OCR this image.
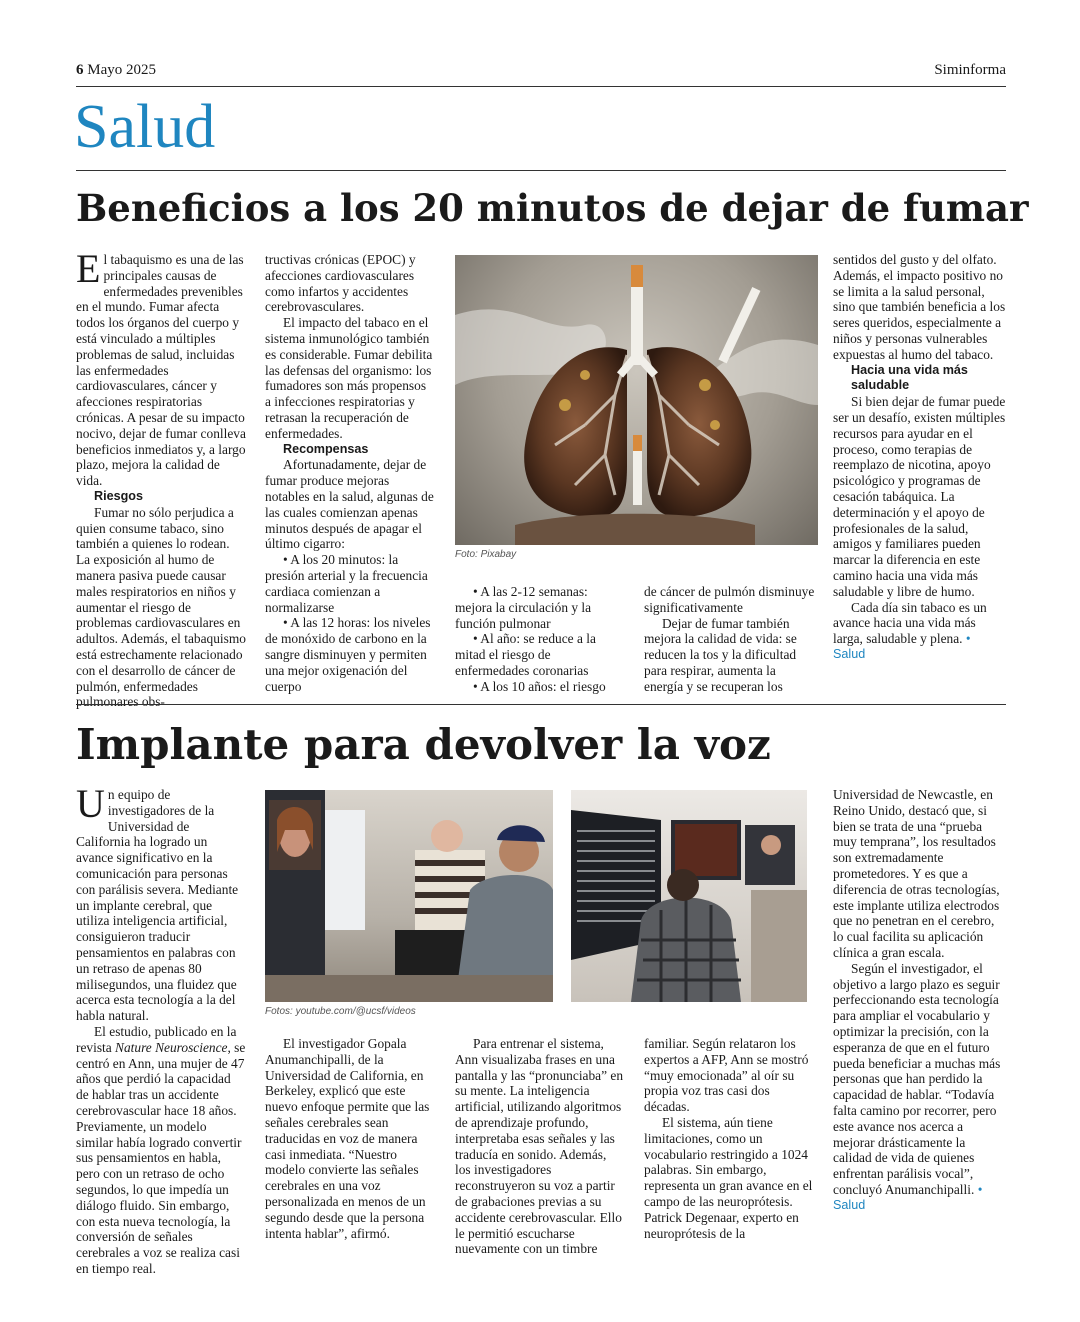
6 Mayo 2025	Siminforma
Salud
Beneficios a los 20 minutos de dejar de fumar

El tabaquismo es una de las principales causas de enfermedades prevenibles en el mundo. Fumar afecta todos los órganos del cuerpo y está vinculado a múltiples problemas de salud, incluidas las enfermedades cardiovasculares, cáncer y afecciones respiratorias crónicas. A pesar de su impacto nocivo, dejar de fumar conlleva beneficios inmediatos y, a largo plazo, mejora la calidad de vida.

Riesgos

Fumar no sólo perjudica a quien consume tabaco, sino también a quienes lo rodean. La exposición al humo de manera pasiva puede causar males respiratorios en niños y aumentar el riesgo de problemas cardiovasculares en adultos. Además, el tabaquismo está estrechamente relacionado con el desarrollo de cáncer de pulmón, enfermedades pulmonares obs-

tructivas crónicas (EPOC) y afecciones cardiovasculares como infartos y accidentes cerebrovasculares.

El impacto del tabaco en el sistema inmunológico también es considerable. Fumar debilita las defensas del organismo: los fumadores son más propensos a infecciones respiratorias y retrasan la recuperación de enfermedades.

Recompensas

Afortunadamente, dejar de fumar produce mejoras notables en la salud, algunas de las cuales comienzan apenas minutos después de apagar el último cigarro:

• A los 20 minutos: la presión arterial y la frecuencia cardiaca comienzan a normalizarse

• A las 12 horas: los niveles de monóxido de carbono en la sangre disminuyen y permiten una mejor oxigenación del cuerpo

Foto: Pixabay

• A las 2-12 semanas: mejora la circulación y la función pulmonar

• Al año: se reduce a la mitad el riesgo de enfermedades coronarias

• A los 10 años: el riesgo

de cáncer de pulmón disminuye significativamente

Dejar de fumar también mejora la calidad de vida: se reducen la tos y la dificultad para respirar, aumenta la energía y se recuperan los

sentidos del gusto y del olfato. Además, el impacto positivo no se limita a la salud personal, sino que también beneficia a los seres queridos, especialmente a niños y personas vulnerables expuestas al humo del tabaco.

Hacia una vida más saludable

Si bien dejar de fumar puede ser un desafío, existen múltiples recursos para ayudar en el proceso, como terapias de reemplazo de nicotina, apoyo psicológico y programas de cesación tabáquica. La determinación y el apoyo de profesionales de la salud, amigos y familiares pueden marcar la diferencia en este camino hacia una vida más saludable y libre de humo.

Cada día sin tabaco es un avance hacia una vida más larga, saludable y plena. •

Salud

Implante para devolver la voz

Un equipo de investigadores de la Universidad de California ha logrado un avance significativo en la comunicación para personas con parálisis severa. Mediante un implante cerebral, que utiliza inteligencia artificial, consiguieron traducir pensamientos en palabras con un retraso de apenas 80 milisegundos, una fluidez que acerca esta tecnología a la del habla natural.

El estudio, publicado en la revista Nature Neuroscience, se centró en Ann, una mujer de 47 años que perdió la capacidad de hablar tras un accidente cerebrovascular hace 18 años. Previamente, un modelo similar había logrado convertir sus pensamientos en habla, pero con un retraso de ocho segundos, lo que impedía un diálogo fluido. Sin embargo, con esta nueva tecnología, la conversión de señales cerebrales a voz se realiza casi en tiempo real.

Fotos: youtube.com/@ucsf/videos

El investigador Gopala Anumanchipalli, de la Universidad de California, en Berkeley, explicó que este nuevo enfoque permite que las señales cerebrales sean traducidas en voz de manera casi inmediata. “Nuestro modelo convierte las señales cerebrales en una voz personalizada en menos de un segundo desde que la persona intenta hablar”, afirmó.

Para entrenar el sistema, Ann visualizaba frases en una pantalla y las “pronunciaba” en su mente. La inteligencia artificial, utilizando algoritmos de aprendizaje profundo, interpretaba esas señales y las traducía en sonido. Además, los investigadores reconstruyeron su voz a partir de grabaciones previas a su accidente cerebrovascular. Ello le permitió escucharse nuevamente con un timbre

familiar. Según relataron los expertos a AFP, Ann se mostró “muy emocionada” al oír su propia voz tras casi dos décadas.

El sistema, aún tiene limitaciones, como un vocabulario restringido a 1024 palabras. Sin embargo, representa un gran avance en el campo de las neuroprótesis. Patrick Degenaar, experto en neuroprótesis de la

Universidad de Newcastle, en Reino Unido, destacó que, si bien se trata de una “prueba muy temprana”, los resultados son extremadamente prometedores. Y es que a diferencia de otras tecnologías, este implante utiliza electrodos que no penetran en el cerebro, lo cual facilita su aplicación clínica a gran escala.

Según el investigador, el objetivo a largo plazo es seguir perfeccionando esta tecnología para ampliar el vocabulario y optimizar la precisión, con la esperanza de que en el futuro pueda beneficiar a muchas más personas que han perdido la capacidad de hablar. “Todavía falta camino por recorrer, pero este avance nos acerca a mejorar drásticamente la calidad de vida de quienes enfrentan parálisis vocal”, concluyó Anumanchipalli. •

Salud
